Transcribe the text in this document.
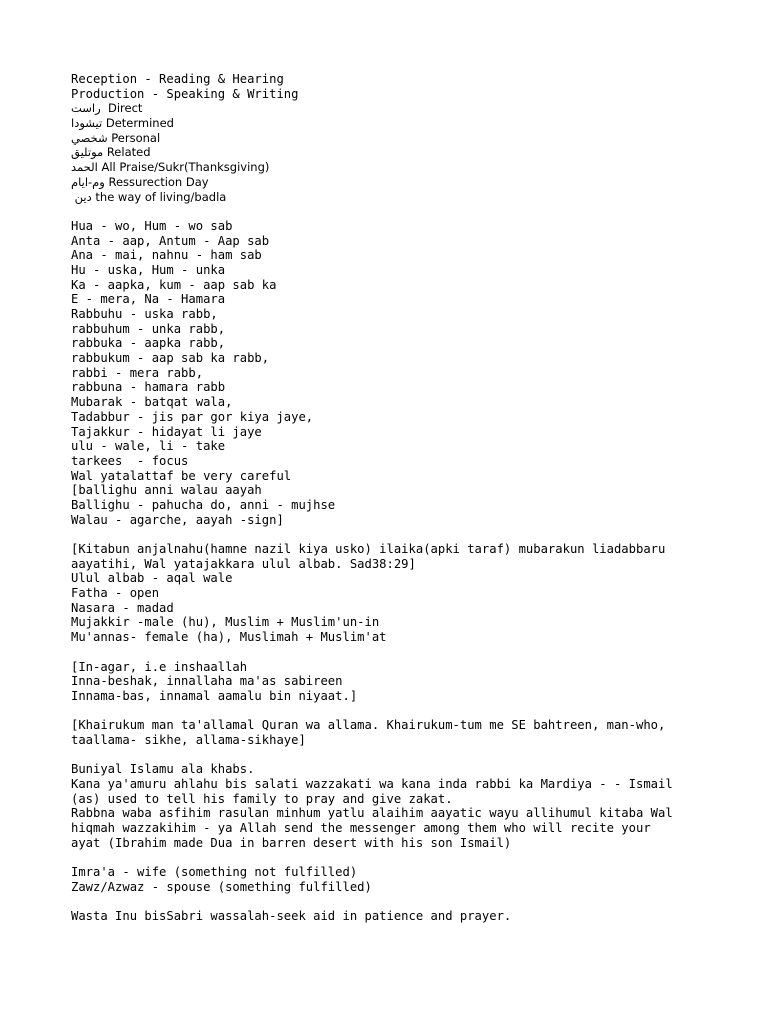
Reception - Reading & Hearing
Production - Speaking & Writing
راست  Direct
تیشودا Determined
شخصي Personal
موتلیق Related
الحمد All Praise/Sukr(Thanksgiving)
وم-ايام Ressurection Day
دين the way of living/badla
Hua - wo, Hum - wo sab
Anta - aap, Antum - Aap sab
Ana - mai, nahnu - ham sab
Hu - uska, Hum - unka
Ka - aapka, kum - aap sab ka
E - mera, Na - Hamara
Rabbuhu - uska rabb,
rabbuhum - unka rabb,
rabbuka - aapka rabb,
rabbukum - aap sab ka rabb,
rabbi - mera rabb,
rabbuna - hamara rabb
Mubarak - batqat wala,
Tadabbur - jis par gor kiya jaye,
Tajakkur - hidayat li jaye
ulu - wale, li - take
tarkees  - focus
Wal yatalattaf be very careful
[ballighu anni walau aayah
Ballighu - pahucha do, anni - mujhse
Walau - agarche, aayah -sign]
[Kitabun anjalnahu(hamne nazil kiya usko) ilaika(apki taraf) mubarakun liadabbaru
aayatihi, Wal yatajakkara ulul albab. Sad38:29]
Ulul albab - aqal wale
Fatha - open
Nasara - madad
Mujakkir -male (hu), Muslim + Muslim'un-in
Mu'annas- female (ha), Muslimah + Muslim'at
[In-agar, i.e inshaallah
Inna-beshak, innallaha ma'as sabireen
Innama-bas, innamal aamalu bin niyaat.]
[Khairukum man ta'allamal Quran wa allama. Khairukum-tum me SE bahtreen, man-who,
taallama- sikhe, allama-sikhaye]
Buniyal Islamu ala khabs.
Kana ya'amuru ahlahu bis salati wazzakati wa kana inda rabbi ka Mardiya - - Ismail
(as) used to tell his family to pray and give zakat.
Rabbna waba asfihim rasulan minhum yatlu alaihim aayatic wayu allihumul kitaba Wal
hiqmah wazzakihim - ya Allah send the messenger among them who will recite your
ayat (Ibrahim made Dua in barren desert with his son Ismail)
Imra'a - wife (something not fulfilled)
Zawz/Azwaz - spouse (something fulfilled)
Wasta Inu bisSabri wassalah-seek aid in patience and prayer.
